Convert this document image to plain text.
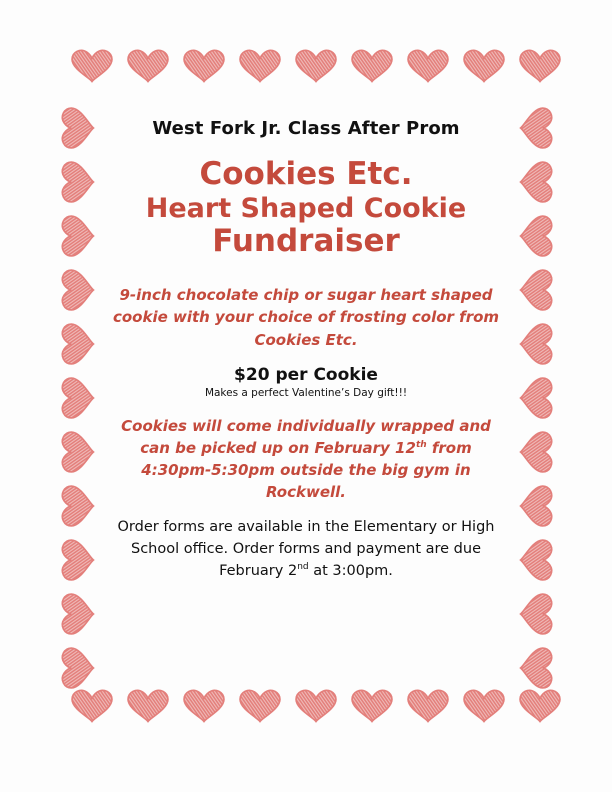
West Fork Jr. Class After Prom
Cookies Etc.
Heart Shaped Cookie
Fundraiser
9-inch chocolate chip or sugar heart shaped cookie with your choice of frosting color from Cookies Etc.
$20 per Cookie
Makes a perfect Valentine’s Day gift!!!
Cookies will come individually wrapped and can be picked up on February 12th from 4:30pm-5:30pm outside the big gym in Rockwell.
Order forms are available in the Elementary or High School office. Order forms and payment are due February 2nd at 3:00pm.
